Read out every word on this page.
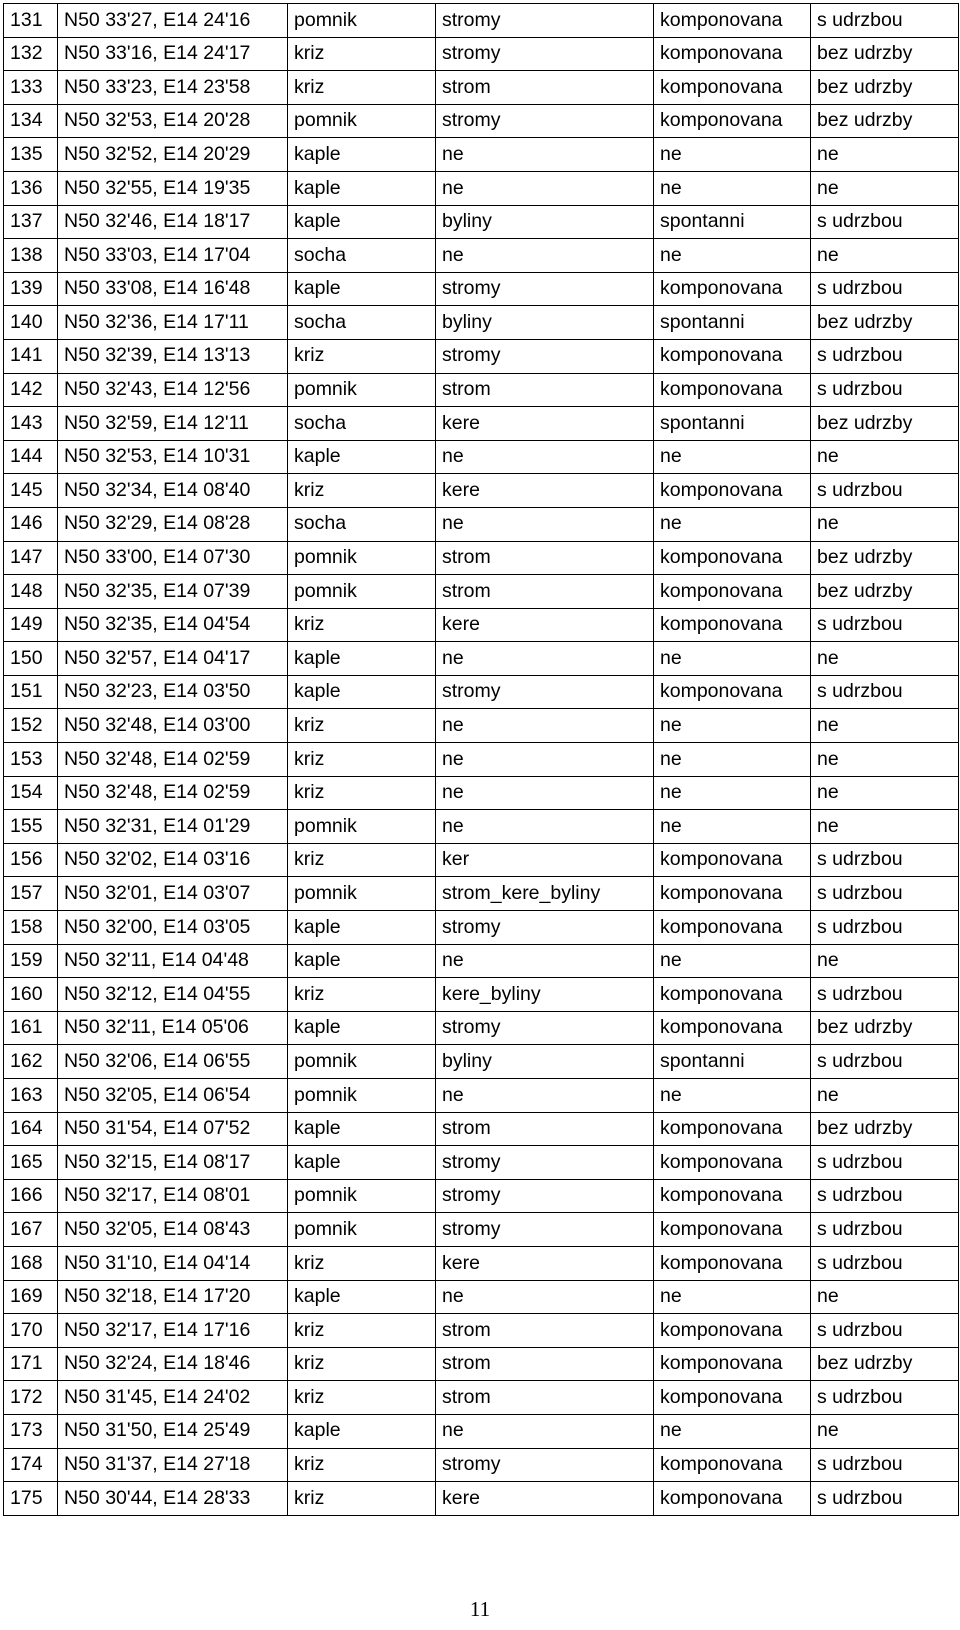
131	N50 33'27, E14 24'16	pomnik	stromy	komponovana	s udrzbou
132	N50 33'16, E14 24'17	kriz	stromy	komponovana	bez udrzby
133	N50 33'23, E14 23'58	kriz	strom	komponovana	bez udrzby
134	N50 32'53, E14 20'28	pomnik	stromy	komponovana	bez udrzby
135	N50 32'52, E14 20'29	kaple	ne	ne	ne
136	N50 32'55, E14 19'35	kaple	ne	ne	ne
137	N50 32'46, E14 18'17	kaple	byliny	spontanni	s udrzbou
138	N50 33'03, E14 17'04	socha	ne	ne	ne
139	N50 33'08, E14 16'48	kaple	stromy	komponovana	s udrzbou
140	N50 32'36, E14 17'11	socha	byliny	spontanni	bez udrzby
141	N50 32'39, E14 13'13	kriz	stromy	komponovana	s udrzbou
142	N50 32'43, E14 12'56	pomnik	strom	komponovana	s udrzbou
143	N50 32'59, E14 12'11	socha	kere	spontanni	bez udrzby
144	N50 32'53, E14 10'31	kaple	ne	ne	ne
145	N50 32'34, E14 08'40	kriz	kere	komponovana	s udrzbou
146	N50 32'29, E14 08'28	socha	ne	ne	ne
147	N50 33'00, E14 07'30	pomnik	strom	komponovana	bez udrzby
148	N50 32'35, E14 07'39	pomnik	strom	komponovana	bez udrzby
149	N50 32'35, E14 04'54	kriz	kere	komponovana	s udrzbou
150	N50 32'57, E14 04'17	kaple	ne	ne	ne
151	N50 32'23, E14 03'50	kaple	stromy	komponovana	s udrzbou
152	N50 32'48, E14 03'00	kriz	ne	ne	ne
153	N50 32'48, E14 02'59	kriz	ne	ne	ne
154	N50 32'48, E14 02'59	kriz	ne	ne	ne
155	N50 32'31, E14 01'29	pomnik	ne	ne	ne
156	N50 32'02, E14 03'16	kriz	ker	komponovana	s udrzbou
157	N50 32'01, E14 03'07	pomnik	strom_kere_byliny	komponovana	s udrzbou
158	N50 32'00, E14 03'05	kaple	stromy	komponovana	s udrzbou
159	N50 32'11, E14 04'48	kaple	ne	ne	ne
160	N50 32'12, E14 04'55	kriz	kere_byliny	komponovana	s udrzbou
161	N50 32'11, E14 05'06	kaple	stromy	komponovana	bez udrzby
162	N50 32'06, E14 06'55	pomnik	byliny	spontanni	s udrzbou
163	N50 32'05, E14 06'54	pomnik	ne	ne	ne
164	N50 31'54, E14 07'52	kaple	strom	komponovana	bez udrzby
165	N50 32'15, E14 08'17	kaple	stromy	komponovana	s udrzbou
166	N50 32'17, E14 08'01	pomnik	stromy	komponovana	s udrzbou
167	N50 32'05, E14 08'43	pomnik	stromy	komponovana	s udrzbou
168	N50 31'10, E14 04'14	kriz	kere	komponovana	s udrzbou
169	N50 32'18, E14 17'20	kaple	ne	ne	ne
170	N50 32'17, E14 17'16	kriz	strom	komponovana	s udrzbou
171	N50 32'24, E14 18'46	kriz	strom	komponovana	bez udrzby
172	N50 31'45, E14 24'02	kriz	strom	komponovana	s udrzbou
173	N50 31'50, E14 25'49	kaple	ne	ne	ne
174	N50 31'37, E14 27'18	kriz	stromy	komponovana	s udrzbou
175	N50 30'44, E14 28'33	kriz	kere	komponovana	s udrzbou
11
